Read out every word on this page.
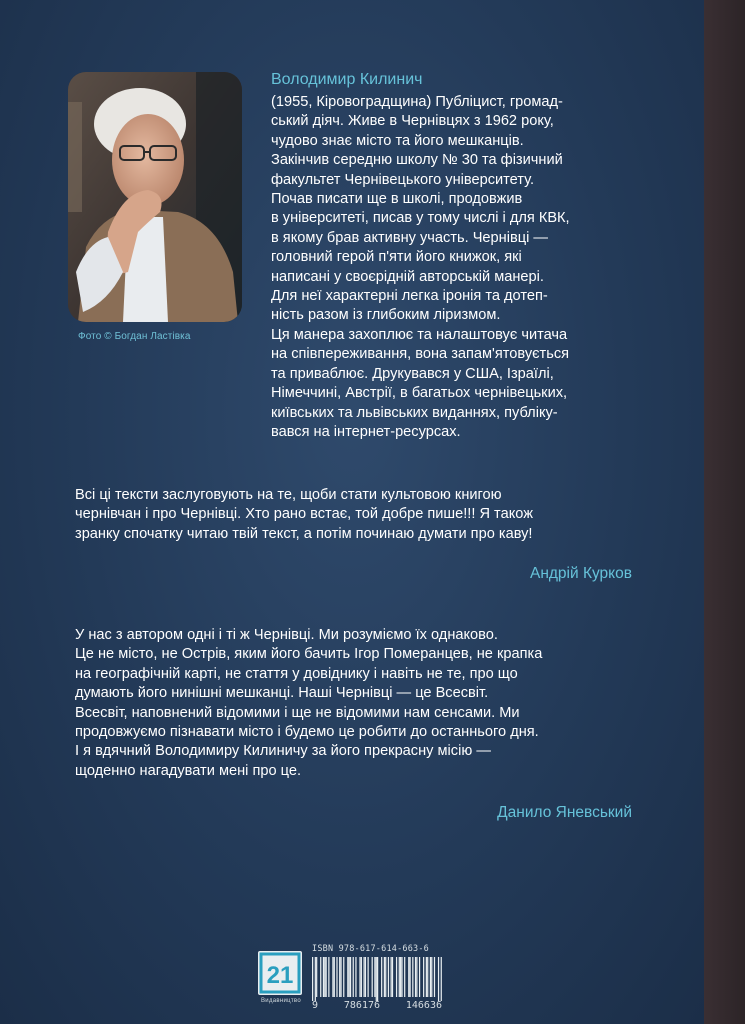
Фото © Богдан Ластівка
Володимир Килинич
(1955, Кіровоградщина) Публіцист, громад-
ський діяч. Живе в Чернівцях з 1962 року,
чудово знає місто та його мешканців.
Закінчив середню школу № 30 та фізичний
факультет Чернівецького університету.
Почав писати ще в школі, продовжив
в університеті, писав у тому числі і для КВК,
в якому брав активну участь. Чернівці —
головний герой п'яти його книжок, які
написані у своєрідній авторській манері.
Для неї характерні легка іронія та дотеп-
ність разом із глибоким ліризмом.
Ця манера захоплює та налаштовує читача
на співпереживання, вона запам'ятовується
та приваблює. Друкувався у США, Ізраїлі,
Німеччині, Австрії, в багатьох чернівецьких,
київських та львівських виданнях, публіку-
вався на інтернет-ресурсах.
Всі ці тексти заслуговують на те, щоби стати культовою книгою
чернівчан і про Чернівці. Хто рано встає, той добре пише!!! Я також
зранку спочатку читаю твій текст, а потім починаю думати про каву!
Андрій Курков
У нас з автором одні і ті ж Чернівці. Ми розуміємо їх однаково.
Це не місто, не Острів, яким його бачить Ігор Померанцев, не крапка
на географічній карті, не стаття у довіднику і навіть не те, про що
думають його нинішні мешканці. Наші Чернівці — це Всесвіт.
Всесвіт, наповнений відомими і ще не відомими нам сенсами. Ми
продовжуємо пізнавати місто і будемо це робити до останнього дня.
І я вдячний Володимиру Килиничу за його прекрасну місію —
щоденно нагадувати мені про це.
Данило Яневський
21
Видавництво
ISBN 978-617-614-663-6
9	786176	146636
